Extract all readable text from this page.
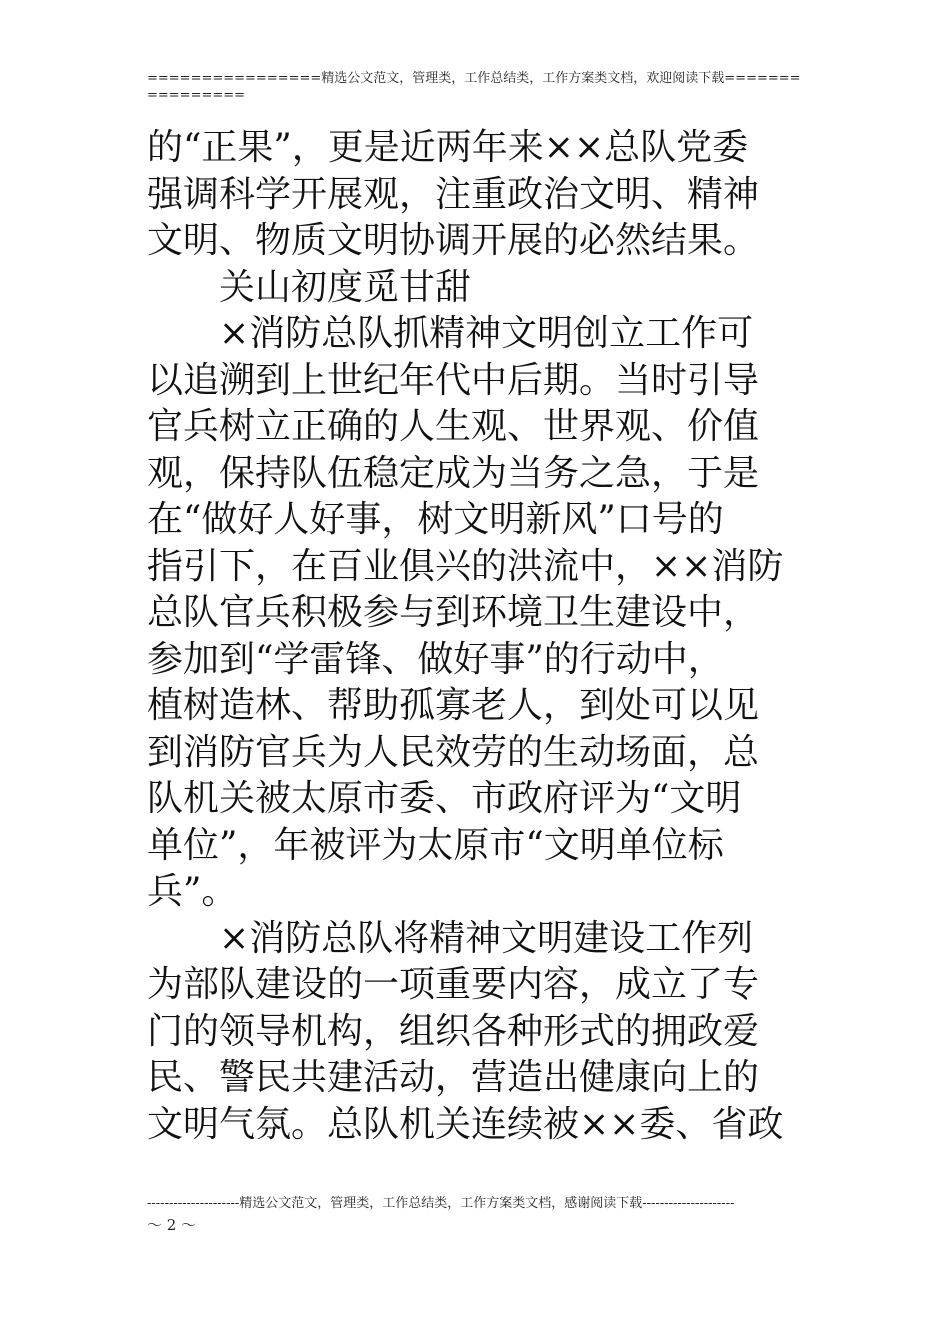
================精选公文范文，管理类，工作总结类，工作方案类文档，欢迎阅读下载================

的“正果”，更是近两年来××总队党委

强调科学开展观，注重政治文明、精神

文明、物质文明协调开展的必然结果。

关山初度觅甘甜

×消防总队抓精神文明创立工作可

以追溯到上世纪年代中后期。当时引导

官兵树立正确的人生观、世界观、价值

观，保持队伍稳定成为当务之急，于是

在“做好人好事，树文明新风”口号的

指引下，在百业俱兴的洪流中，××消防

总队官兵积极参与到环境卫生建设中，

参加到“学雷锋、做好事”的行动中，

植树造林、帮助孤寡老人，到处可以见

到消防官兵为人民效劳的生动场面，总

队机关被太原市委、市政府评为“文明

单位”，年被评为太原市“文明单位标

兵”。

×消防总队将精神文明建设工作列

为部队建设的一项重要内容，成立了专

门的领导机构，组织各种形式的拥政爱

民、警民共建活动，营造出健康向上的

文明气氛。总队机关连续被××委、省政

---------------------精选公文范文，管理类，工作总结类，工作方案类文档，感谢阅读下载---------------------
～ 2 ～
